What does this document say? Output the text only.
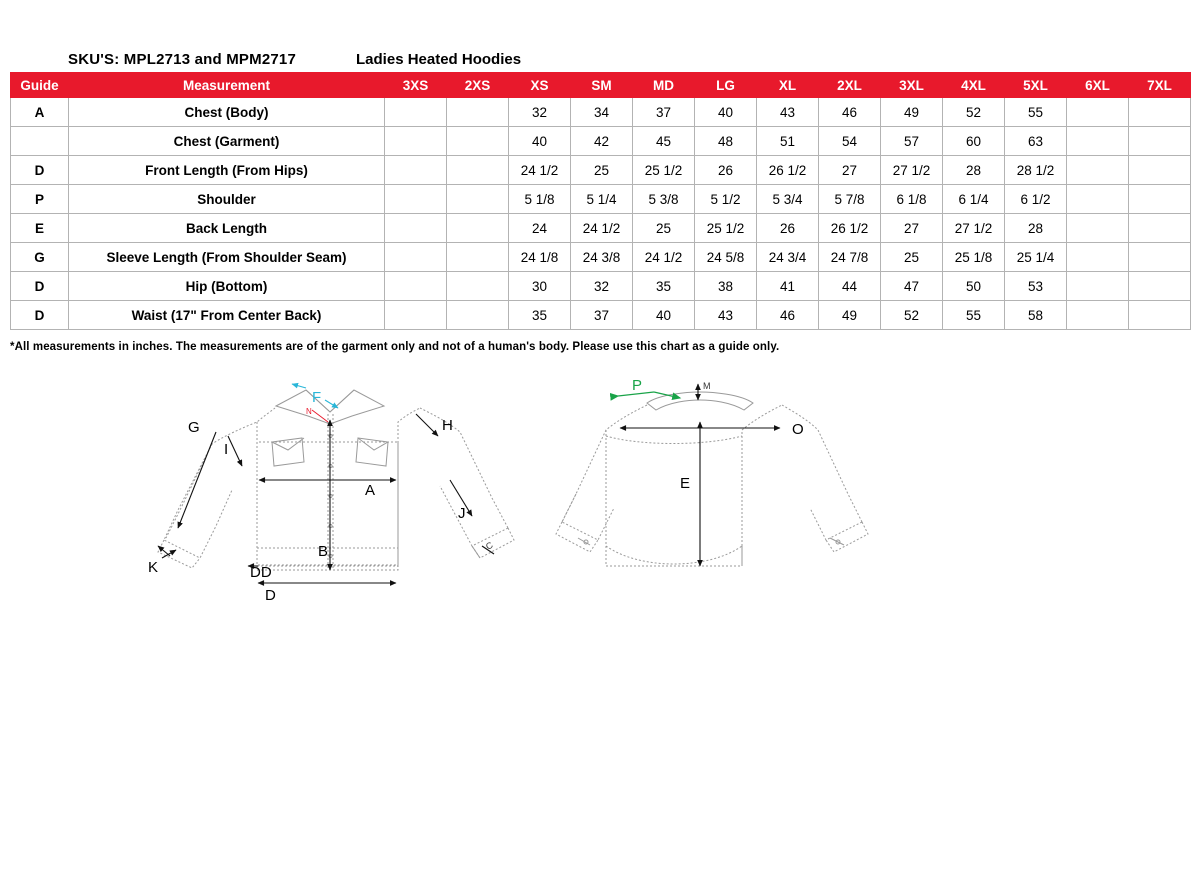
SKU'S: MPL2713 and MPM2717	Ladies Heated Hoodies
Guide	Measurement	3XS	2XS	XS	SM	MD	LG	XL	2XL	3XL	4XL	5XL	6XL	7XL
A	Chest (Body)			32	34	37	40	43	46	49	52	55		
	Chest (Garment)			40	42	45	48	51	54	57	60	63		
D	Front Length (From Hips)			24 1/2	25	25 1/2	26	26 1/2	27	27 1/2	28	28 1/2		
P	Shoulder			5 1/8	5 1/4	5 3/8	5 1/2	5 3/4	5 7/8	6 1/8	6 1/4	6 1/2		
E	Back Length			24	24 1/2	25	25 1/2	26	26 1/2	27	27 1/2	28		
G	Sleeve Length (From Shoulder Seam)			24 1/8	24 3/8	24 1/2	24 5/8	24 3/4	24 7/8	25	25 1/8	25 1/4		
D	Hip (Bottom)			30	32	35	38	41	44	47	50	53		
D	Waist (17" From Center Back)			35	37	40	43	46	49	52	55	58		
*All measurements in inches. The measurements are of the garment only and not of a human's body. Please use this chart as a guide only.
G
I
F
N
H
A
J
C
B
K	DD
D
P	M
O
E
